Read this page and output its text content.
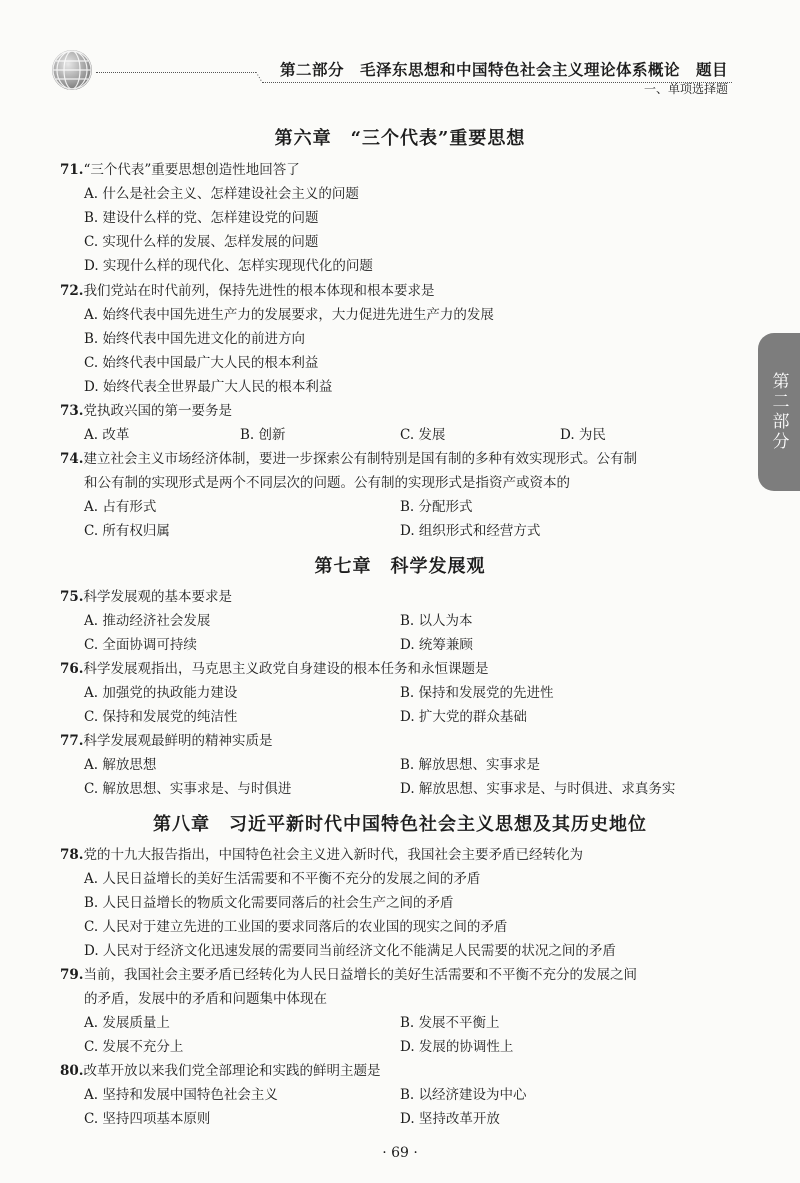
第二部分　毛泽东思想和中国特色社会主义理论体系概论　题目
一、单项选择题
第二部分
第六章　“三个代表”重要思想
71.“三个代表”重要思想创造性地回答了
A. 什么是社会主义、怎样建设社会主义的问题
B. 建设什么样的党、怎样建设党的问题
C. 实现什么样的发展、怎样发展的问题
D. 实现什么样的现代化、怎样实现现代化的问题
72.我们党站在时代前列，保持先进性的根本体现和根本要求是
A. 始终代表中国先进生产力的发展要求，大力促进先进生产力的发展
B. 始终代表中国先进文化的前进方向
C. 始终代表中国最广大人民的根本利益
D. 始终代表全世界最广大人民的根本利益
73.党执政兴国的第一要务是
A. 改革	B. 创新	C. 发展	D. 为民
74.建立社会主义市场经济体制，要进一步探索公有制特别是国有制的多种有效实现形式。公有制
和公有制的实现形式是两个不同层次的问题。公有制的实现形式是指资产或资本的
A. 占有形式	B. 分配形式
C. 所有权归属	D. 组织形式和经营方式
第七章　科学发展观
75.科学发展观的基本要求是
A. 推动经济社会发展	B. 以人为本
C. 全面协调可持续	D. 统筹兼顾
76.科学发展观指出，马克思主义政党自身建设的根本任务和永恒课题是
A. 加强党的执政能力建设	B. 保持和发展党的先进性
C. 保持和发展党的纯洁性	D. 扩大党的群众基础
77.科学发展观最鲜明的精神实质是
A. 解放思想	B. 解放思想、实事求是
C. 解放思想、实事求是、与时俱进	D. 解放思想、实事求是、与时俱进、求真务实
第八章　习近平新时代中国特色社会主义思想及其历史地位
78.党的十九大报告指出，中国特色社会主义进入新时代，我国社会主要矛盾已经转化为
A. 人民日益增长的美好生活需要和不平衡不充分的发展之间的矛盾
B. 人民日益增长的物质文化需要同落后的社会生产之间的矛盾
C. 人民对于建立先进的工业国的要求同落后的农业国的现实之间的矛盾
D. 人民对于经济文化迅速发展的需要同当前经济文化不能满足人民需要的状况之间的矛盾
79.当前，我国社会主要矛盾已经转化为人民日益增长的美好生活需要和不平衡不充分的发展之间
的矛盾，发展中的矛盾和问题集中体现在
A. 发展质量上	B. 发展不平衡上
C. 发展不充分上	D. 发展的协调性上
80.改革开放以来我们党全部理论和实践的鲜明主题是
A. 坚持和发展中国特色社会主义	B. 以经济建设为中心
C. 坚持四项基本原则	D. 坚持改革开放
· 69 ·
